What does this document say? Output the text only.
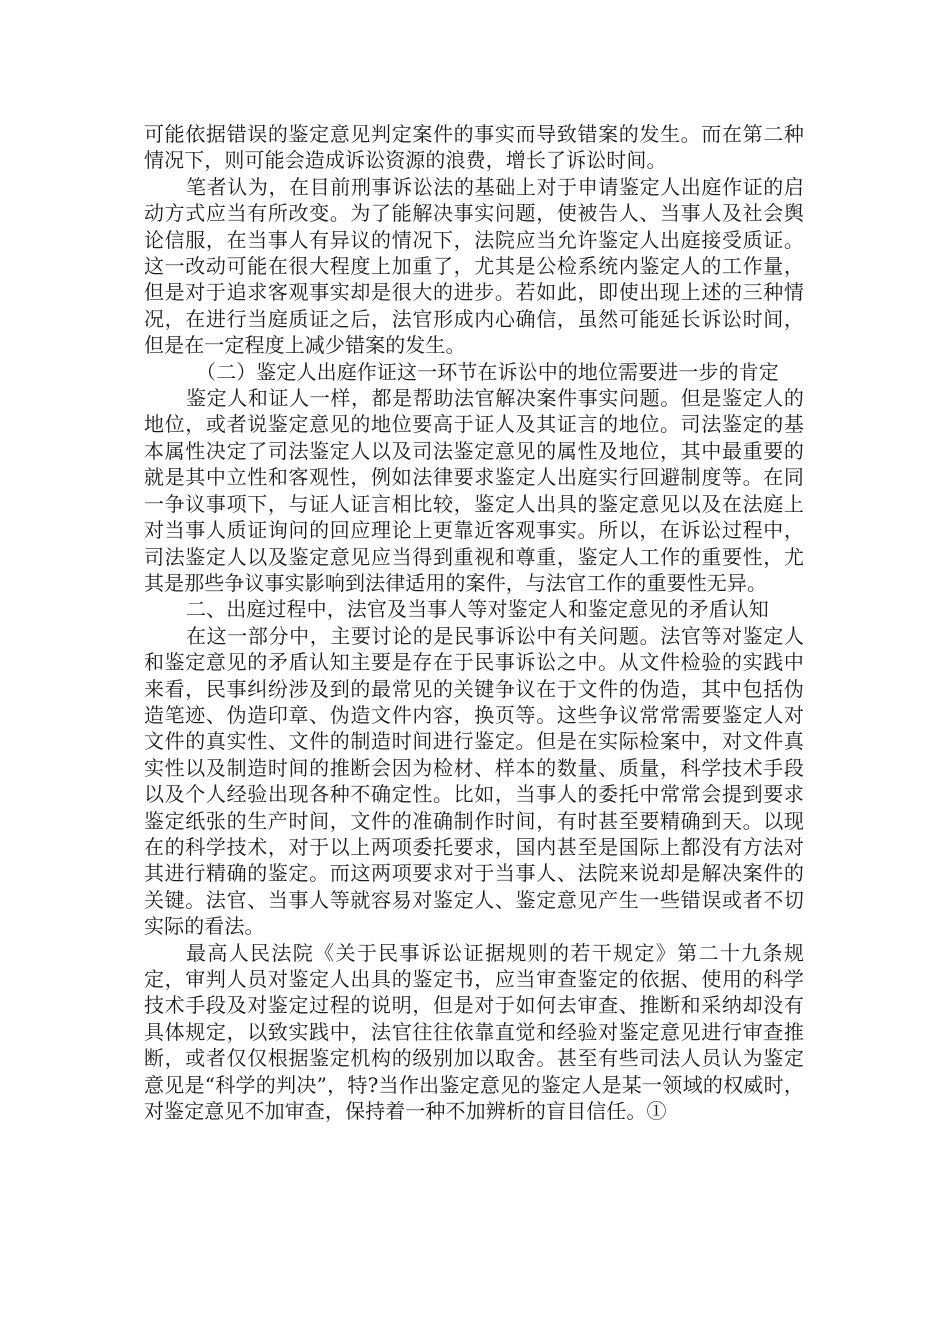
可能依据错误的鉴定意见判定案件的事实而导致错案的发生。而在第二种情况下，则可能会造成诉讼资源的浪费，增长了诉讼时间。

笔者认为，在目前刑事诉讼法的基础上对于申请鉴定人出庭作证的启动方式应当有所改变。为了能解决事实问题，使被告人、当事人及社会舆论信服，在当事人有异议的情况下，法院应当允许鉴定人出庭接受质证。这一改动可能在很大程度上加重了，尤其是公检系统内鉴定人的工作量，但是对于追求客观事实却是很大的进步。若如此，即使出现上述的三种情况，在进行当庭质证之后，法官形成内心确信，虽然可能延长诉讼时间，但是在一定程度上减少错案的发生。

（二）鉴定人出庭作证这一环节在诉讼中的地位需要进一步的肯定

鉴定人和证人一样，都是帮助法官解决案件事实问题。但是鉴定人的地位，或者说鉴定意见的地位要高于证人及其证言的地位。司法鉴定的基本属性决定了司法鉴定人以及司法鉴定意见的属性及地位，其中最重要的就是其中立性和客观性，例如法律要求鉴定人出庭实行回避制度等。在同一争议事项下，与证人证言相比较，鉴定人出具的鉴定意见以及在法庭上对当事人质证询问的回应理论上更靠近客观事实。所以，在诉讼过程中，司法鉴定人以及鉴定意见应当得到重视和尊重，鉴定人工作的重要性，尤其是那些争议事实影响到法律适用的案件，与法官工作的重要性无异。

二、出庭过程中，法官及当事人等对鉴定人和鉴定意见的矛盾认知

在这一部分中，主要讨论的是民事诉讼中有关问题。法官等对鉴定人和鉴定意见的矛盾认知主要是存在于民事诉讼之中。从文件检验的实践中来看，民事纠纷涉及到的最常见的关键争议在于文件的伪造，其中包括伪造笔迹、伪造印章、伪造文件内容，换页等。这些争议常常需要鉴定人对文件的真实性、文件的制造时间进行鉴定。但是在实际检案中，对文件真实性以及制造时间的推断会因为检材、样本的数量、质量，科学技术手段以及个人经验出现各种不确定性。比如，当事人的委托中常常会提到要求鉴定纸张的生产时间，文件的准确制作时间，有时甚至要精确到天。以现在的科学技术，对于以上两项委托要求，国内甚至是国际上都没有方法对其进行精确的鉴定。而这两项要求对于当事人、法院来说却是解决案件的关键。法官、当事人等就容易对鉴定人、鉴定意见产生一些错误或者不切实际的看法。

最高人民法院《关于民事诉讼证据规则的若干规定》第二十九条规定，审判人员对鉴定人出具的鉴定书，应当审查鉴定的依据、使用的科学技术手段及对鉴定过程的说明，但是对于如何去审查、推断和采纳却没有具体规定，以致实践中，法官往往依靠直觉和经验对鉴定意见进行审查推断，或者仅仅根据鉴定机构的级别加以取舍。甚至有些司法人员认为鉴定意见是“科学的判决”，特?当作出鉴定意见的鉴定人是某一领域的权威时，对鉴定意见不加审查，保持着一种不加辨析的盲目信任。①
